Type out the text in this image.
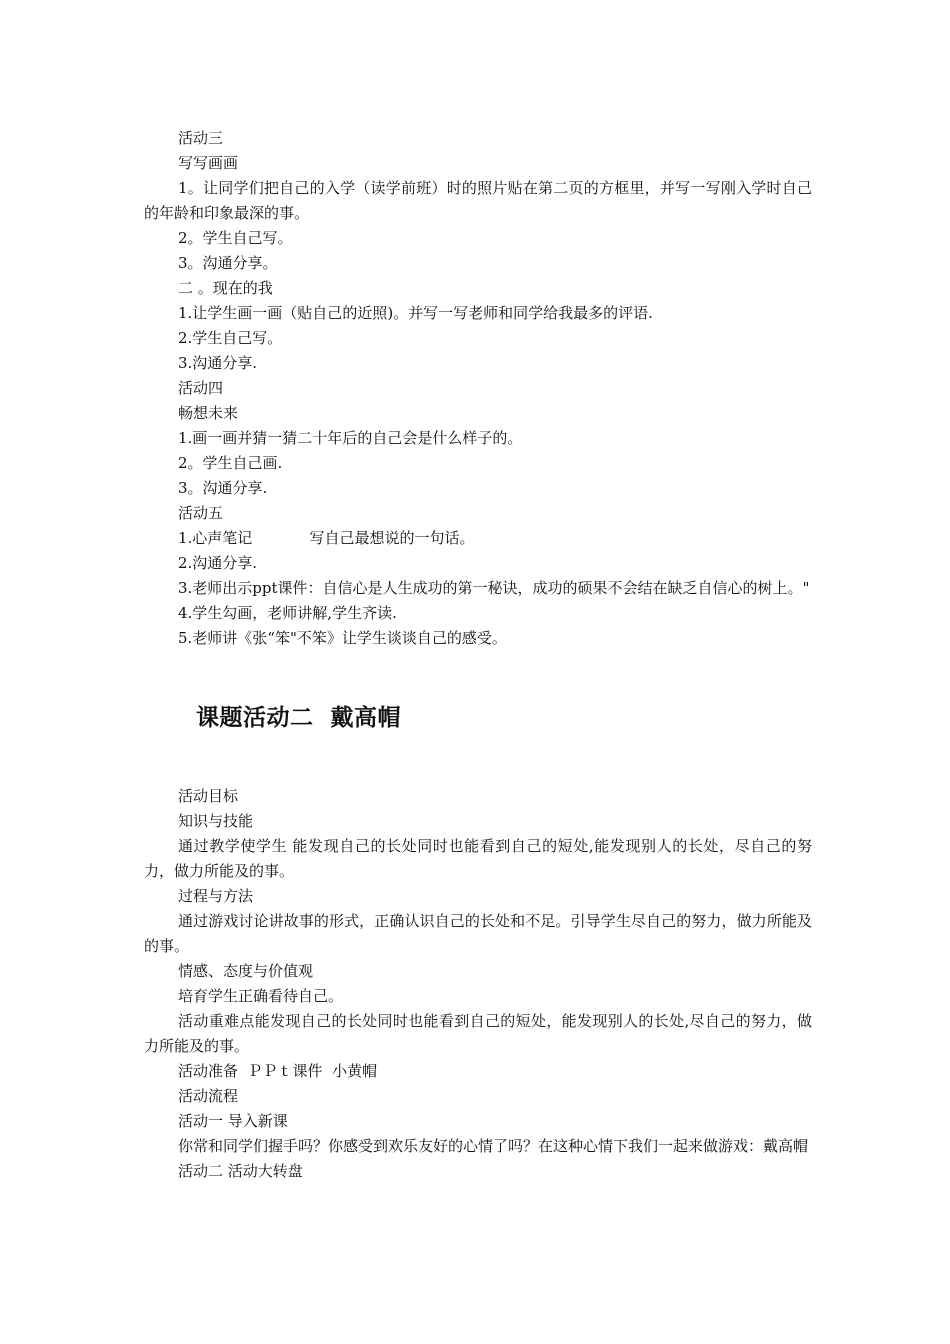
活动三

写写画画

1。让同学们把自己的入学（读学前班）时的照片贴在第二页的方框里，并写一写刚入学时自己的年龄和印象最深的事。

2。学生自己写。

3。沟通分享。

二 。现在的我

1.让学生画一画（贴自己的近照)。并写一写老师和同学给我最多的评语.

2.学生自己写。

3.沟通分享.

活动四

畅想未来

1.画一画并猜一猜二十年后的自己会是什么样子的。

2。学生自己画.

3。沟通分享.

活动五

1.心声笔记            写自己最想说的一句话。

2.沟通分享.

3.老师出示ppt课件：自信心是人生成功的第一秘诀，成功的硕果不会结在缺乏自信心的树上。"

4.学生勾画，老师讲解,学生齐读.

5.老师讲《张“笨"不笨》让学生谈谈自己的感受。

课题活动二  戴高帽

活动目标

知识与技能

通过教学使学生 能发现自己的长处同时也能看到自己的短处,能发现别人的长处，尽自己的努力，做力所能及的事。

过程与方法

通过游戏讨论讲故事的形式，正确认识自己的长处和不足。引导学生尽自己的努力，做力所能及的事。

情感、态度与价值观

培育学生正确看待自己。

活动重难点能发现自己的长处同时也能看到自己的短处，能发现别人的长处,尽自己的努力，做力所能及的事。

活动准备  ＰＰｔ课件  小黄帽

活动流程

活动一 导入新课

你常和同学们握手吗？你感受到欢乐友好的心情了吗？在这种心情下我们一起来做游戏：戴高帽

活动二 活动大转盘
